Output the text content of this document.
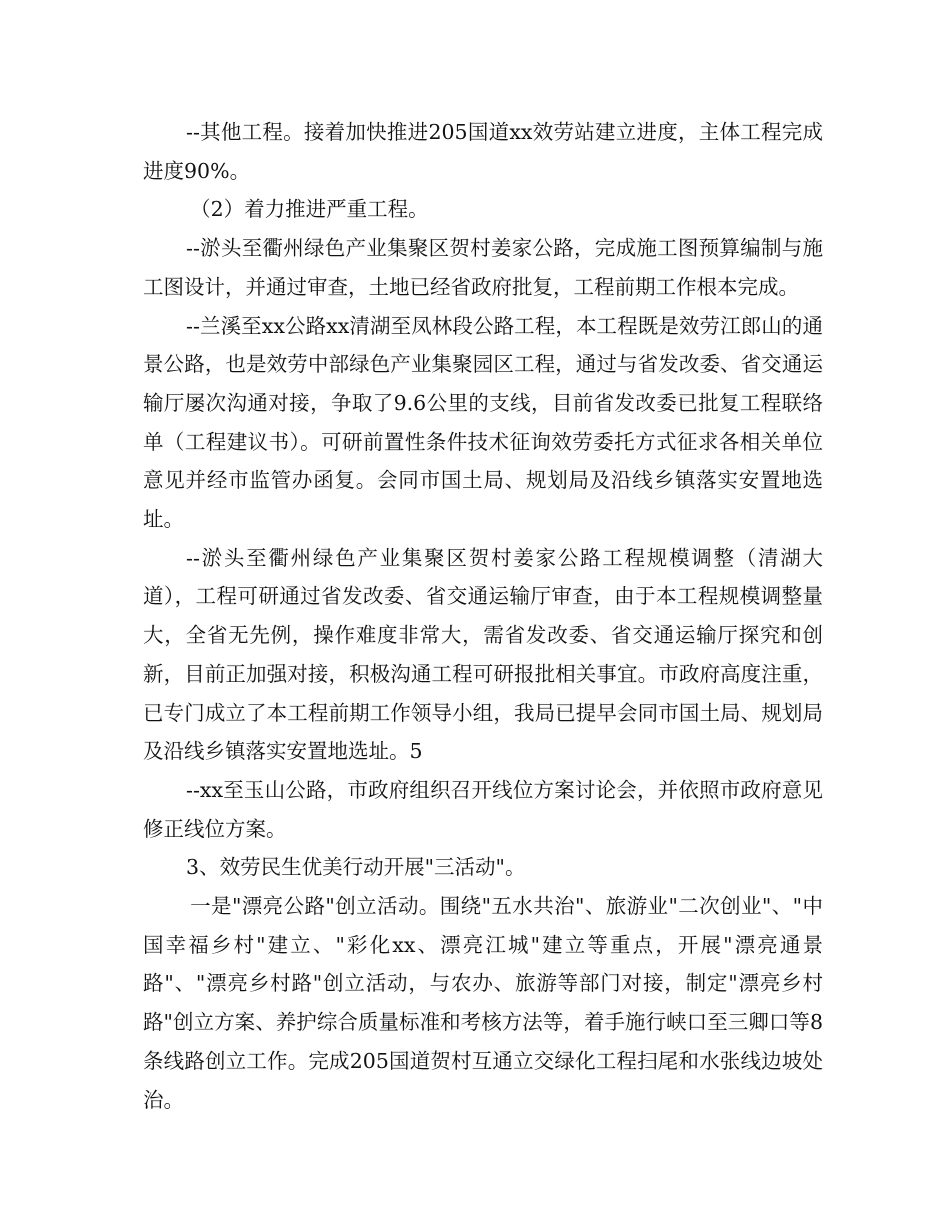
--其他工程。接着加快推进205国道xx效劳站建立进度，主体工程完成进度90%。

（2）着力推进严重工程。

--淤头至衢州绿色产业集聚区贺村姜家公路，完成施工图预算编制与施工图设计，并通过审查，土地已经省政府批复，工程前期工作根本完成。

--兰溪至xx公路xx清湖至凤林段公路工程，本工程既是效劳江郎山的通景公路，也是效劳中部绿色产业集聚园区工程，通过与省发改委、省交通运输厅屡次沟通对接，争取了9.6公里的支线，目前省发改委已批复工程联络单（工程建议书）。可研前置性条件技术征询效劳委托方式征求各相关单位意见并经市监管办函复。会同市国土局、规划局及沿线乡镇落实安置地选址。

--淤头至衢州绿色产业集聚区贺村姜家公路工程规模调整（清湖大道），工程可研通过省发改委、省交通运输厅审查，由于本工程规模调整量大，全省无先例，操作难度非常大，需省发改委、省交通运输厅探究和创新，目前正加强对接，积极沟通工程可研报批相关事宜。市政府高度注重，已专门成立了本工程前期工作领导小组，我局已提早会同市国土局、规划局及沿线乡镇落实安置地选址。5

--xx至玉山公路，市政府组织召开线位方案讨论会，并依照市政府意见修正线位方案。

3、效劳民生优美行动开展"三活动"。

一是"漂亮公路"创立活动。围绕"五水共治"、旅游业"二次创业"、"中国幸福乡村"建立、"彩化xx、漂亮江城"建立等重点，开展"漂亮通景路"、"漂亮乡村路"创立活动，与农办、旅游等部门对接，制定"漂亮乡村路"创立方案、养护综合质量标准和考核方法等，着手施行峡口至三卿口等8条线路创立工作。完成205国道贺村互通立交绿化工程扫尾和水张线边坡处治。
